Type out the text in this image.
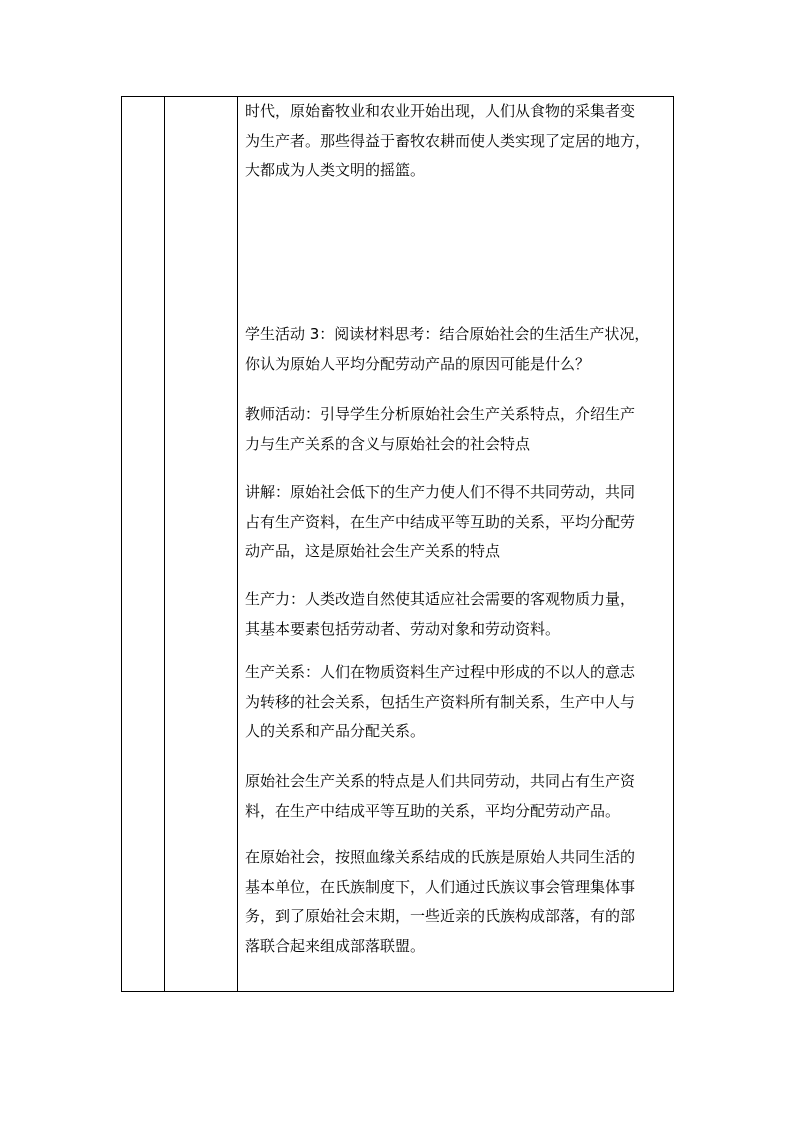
时代，原始畜牧业和农业开始出现，人们从食物的采集者变
为生产者。那些得益于畜牧农耕而使人类实现了定居的地方，
大都成为人类文明的摇篮。
学生活动 3：阅读材料思考：结合原始社会的生活生产状况，
你认为原始人平均分配劳动产品的原因可能是什么？
教师活动：引导学生分析原始社会生产关系特点，介绍生产
力与生产关系的含义与原始社会的社会特点
讲解：原始社会低下的生产力使人们不得不共同劳动，共同
占有生产资料，在生产中结成平等互助的关系，平均分配劳
动产品，这是原始社会生产关系的特点
生产力：人类改造自然使其适应社会需要的客观物质力量，
其基本要素包括劳动者、劳动对象和劳动资料。
生产关系：人们在物质资料生产过程中形成的不以人的意志
为转移的社会关系，包括生产资料所有制关系，生产中人与
人的关系和产品分配关系。
原始社会生产关系的特点是人们共同劳动，共同占有生产资
料，在生产中结成平等互助的关系，平均分配劳动产品。
在原始社会，按照血缘关系结成的氏族是原始人共同生活的
基本单位，在氏族制度下，人们通过氏族议事会管理集体事
务，到了原始社会末期，一些近亲的氏族构成部落，有的部
落联合起来组成部落联盟。
